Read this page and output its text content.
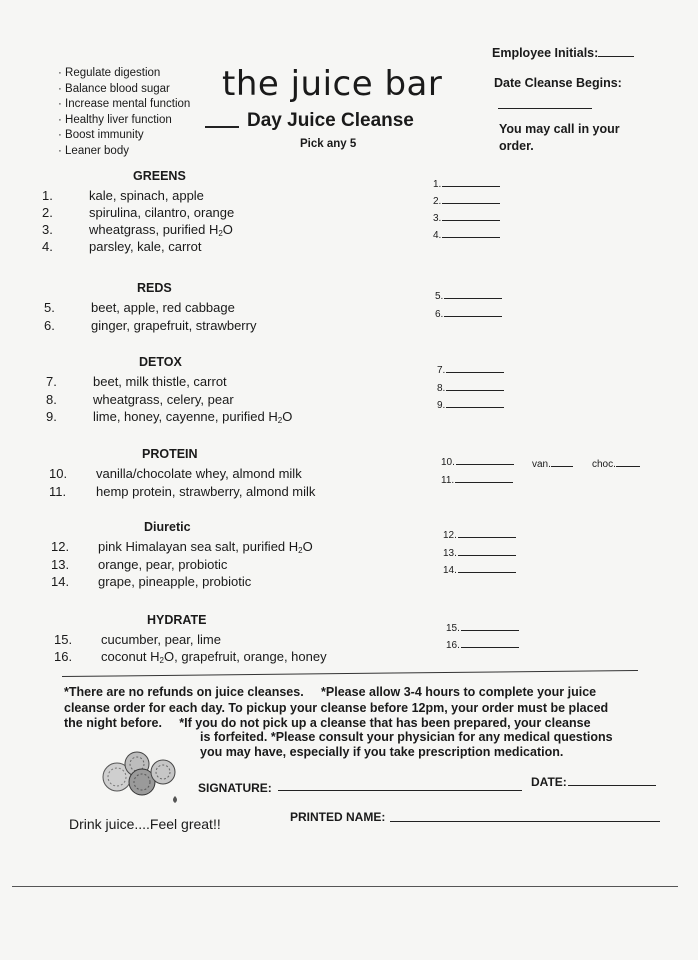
· Regulate digestion
· Balance blood sugar
· Increase mental function
· Healthy liver function
· Boost immunity
· Leaner body
the juice bar
Day Juice Cleanse
Pick any 5
Employee Initials:
Date Cleanse Begins:
You may call in your
order.
GREENS
1.	kale, spinach, apple
1.
2.	spirulina, cilantro, orange
2.
3.	wheatgrass, purified $H_2O$
3.
4.	parsley, kale, carrot
4.
REDS
5.	beet, apple, red cabbage
5.
6.	ginger, grapefruit, strawberry
6.
DETOX
7.	beet, milk thistle, carrot
7.
8.	wheatgrass, celery, pear
8.
9.	lime, honey, cayenne, purified $H_2O$
9.
PROTEIN
10.	vanilla/chocolate whey, almond milk
10.
11.	hemp protein, strawberry, almond milk
11.
Diuretic
12.	pink Himalayan sea salt, purified $H_2O$
12.
13.	orange, pear, probiotic
13.
14.	grape, pineapple, probiotic
14.
HYDRATE
15.	cucumber, pear, lime
15.
16.	coconut $H_2O$, grapefruit, orange, honey
16.
van.	choc.
*There are no refunds on juice cleanses. *Please allow 3-4 hours to complete your juice
cleanse order for each day. To pickup your cleanse before 12pm, your order must be placed
the night before. *If you do not pick up a cleanse that has been prepared, your cleanse
is forfeited. *Please consult your physician for any medical questions
you may have, especially if you take prescription medication.
SIGNATURE:	DATE:
PRINTED NAME:
Drink juice....Feel great!!
